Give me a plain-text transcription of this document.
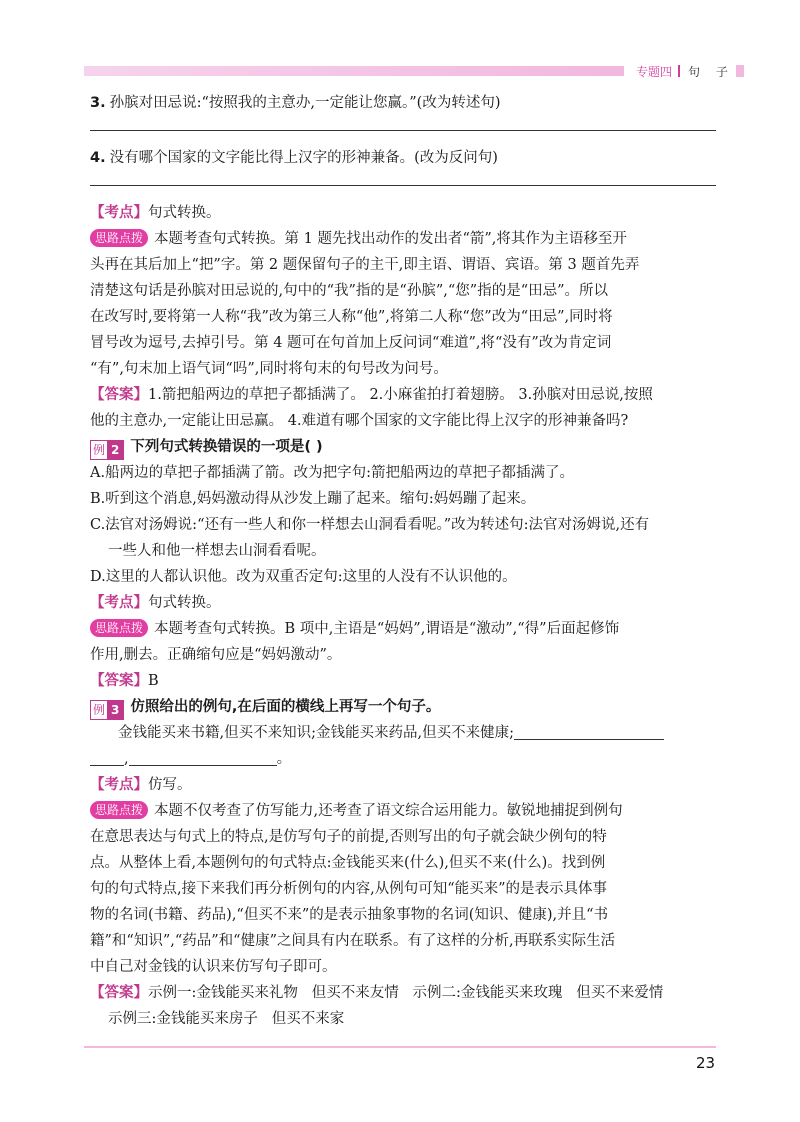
专题四 句 子
3. 孙膑对田忌说:“按照我的主意办,一定能让您赢。”(改为转述句)
4. 没有哪个国家的文字能比得上汉字的形神兼备。(改为反问句)
【考点】句式转换。
思路点拨 本题考查句式转换。第 1 题先找出动作的发出者“箭”,将其作为主语移至开
头再在其后加上“把”字。第 2 题保留句子的主干,即主语、谓语、宾语。第 3 题首先弄
清楚这句话是孙膑对田忌说的,句中的“我”指的是“孙膑”,“您”指的是“田忌”。所以
在改写时,要将第一人称“我”改为第三人称“他”,将第二人称“您”改为“田忌”,同时将
冒号改为逗号,去掉引号。第 4 题可在句首加上反问词“难道”,将“没有”改为肯定词
“有”,句末加上语气词“吗”,同时将句末的句号改为问号。
【答案】1.箭把船两边的草把子都插满了。 2.小麻雀拍打着翅膀。 3.孙膑对田忌说,按照
他的主意办,一定能让田忌赢。 4.难道有哪个国家的文字能比得上汉字的形神兼备吗?
例 2 下列句式转换错误的一项是( )
A.船两边的草把子都插满了箭。改为把字句:箭把船两边的草把子都插满了。
B.听到这个消息,妈妈激动得从沙发上蹦了起来。缩句:妈妈蹦了起来。
C.法官对汤姆说:“还有一些人和你一样想去山洞看看呢。”改为转述句:法官对汤姆说,还有
一些人和他一样想去山洞看看呢。
D.这里的人都认识他。改为双重否定句:这里的人没有不认识他的。
【考点】句式转换。
思路点拨 本题考查句式转换。B 项中,主语是“妈妈”,谓语是“激动”,“得”后面起修饰
作用,删去。正确缩句应是“妈妈激动”。
【答案】B
例 3 仿照给出的例句,在后面的横线上再写一个句子。
金钱能买来书籍,但买不来知识;金钱能买来药品,但买不来健康;
,	。
【考点】仿写。
思路点拨 本题不仅考查了仿写能力,还考查了语文综合运用能力。敏锐地捕捉到例句
在意思表达与句式上的特点,是仿写句子的前提,否则写出的句子就会缺少例句的特
点。从整体上看,本题例句的句式特点:金钱能买来(什么),但买不来(什么)。找到例
句的句式特点,接下来我们再分析例句的内容,从例句可知“能买来”的是表示具体事
物的名词(书籍、药品),“但买不来”的是表示抽象事物的名词(知识、健康),并且“书
籍”和“知识”,“药品”和“健康”之间具有内在联系。有了这样的分析,再联系实际生活
中自己对金钱的认识来仿写句子即可。
【答案】示例一:金钱能买来礼物   但买不来友情   示例二:金钱能买来玫瑰   但买不来爱情
示例三:金钱能买来房子   但买不来家
23
